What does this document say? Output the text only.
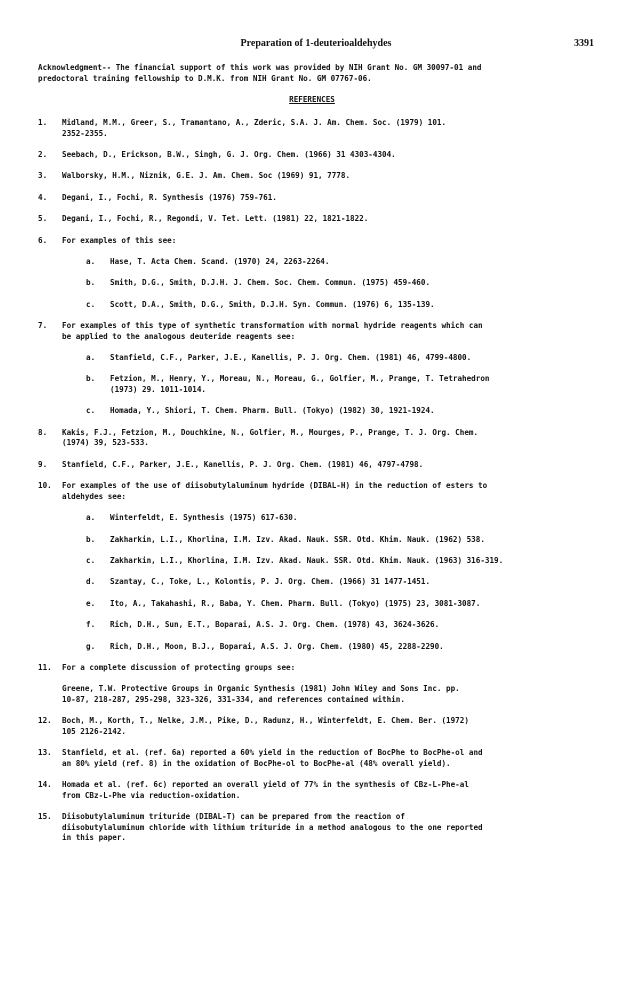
Preparation of 1-deuterioaldehydes	3391
Acknowledgment-- The financial support of this work was provided by NIH Grant No. GM 30097-01 and
predoctoral training fellowship to D.M.K. from NIH Grant No. GM 07767-06.
REFERENCES
1.	Midland, M.M., Greer, S., Tramantano, A., Zderic, S.A. J. Am. Chem. Soc. (1979) 101.
2352-2355.
2.	Seebach, D., Erickson, B.W., Singh, G. J. Org. Chem. (1966) 31 4303-4304.
3.	Walborsky, H.M., Niznik, G.E. J. Am. Chem. Soc (1969) 91, 7778.
4.	Degani, I., Fochi, R. Synthesis (1976) 759-761.
5.	Degani, I., Fochi, R., Regondi, V. Tet. Lett. (1981) 22, 1821-1822.
6.	For examples of this see:
a.	Hase, T. Acta Chem. Scand. (1970) 24, 2263-2264.
b.	Smith, D.G., Smith, D.J.H. J. Chem. Soc. Chem. Commun. (1975) 459-460.
c.	Scott, D.A., Smith, D.G., Smith, D.J.H. Syn. Commun. (1976) 6, 135-139.
7.	For examples of this type of synthetic transformation with normal hydride reagents which can
be applied to the analogous deuteride reagents see:
a.	Stanfield, C.F., Parker, J.E., Kanellis, P. J. Org. Chem. (1981) 46, 4799-4800.
b.	Fetzion, M., Henry, Y., Moreau, N., Moreau, G., Golfier, M., Prange, T. Tetrahedron
(1973) 29. 1011-1014.
c.	Homada, Y., Shiori, T. Chem. Pharm. Bull. (Tokyo) (1982) 30, 1921-1924.
8.	Kakis, F.J., Fetzion, M., Douchkine, N., Golfier, M., Mourges, P., Prange, T. J. Org. Chem.
(1974) 39, 523-533.
9.	Stanfield, C.F., Parker, J.E., Kanellis, P. J. Org. Chem. (1981) 46, 4797-4798.
10.	For examples of the use of diisobutylaluminum hydride (DIBAL-H) in the reduction of esters to
aldehydes see:
a.	Winterfeldt, E. Synthesis (1975) 617-630.
b.	Zakharkin, L.I., Khorlina, I.M. Izv. Akad. Nauk. SSR. Otd. Khim. Nauk. (1962) 538.
c.	Zakharkin, L.I., Khorlina, I.M. Izv. Akad. Nauk. SSR. Otd. Khim. Nauk. (1963) 316-319.
d.	Szantay, C., Toke, L., Kolontis, P. J. Org. Chem. (1966) 31 1477-1451.
e.	Ito, A., Takahashi, R., Baba, Y. Chem. Pharm. Bull. (Tokyo) (1975) 23, 3081-3087.
f.	Rich, D.H., Sun, E.T., Boparai, A.S. J. Org. Chem. (1978) 43, 3624-3626.
g.	Rich, D.H., Moon, B.J., Boparai, A.S. J. Org. Chem. (1980) 45, 2288-2290.
11.	For a complete discussion of protecting groups see:
Greene, T.W. Protective Groups in Organic Synthesis (1981) John Wiley and Sons Inc. pp.
10-87, 218-287, 295-298, 323-326, 331-334, and references contained within.
12.	Boch, M., Korth, T., Nelke, J.M., Pike, D., Radunz, H., Winterfeldt, E. Chem. Ber. (1972)
105 2126-2142.
13.	Stanfield, et al. (ref. 6a) reported a 60% yield in the reduction of BocPhe to BocPhe-ol and
an 80% yield (ref. 8) in the oxidation of BocPhe-ol to BocPhe-al (48% overall yield).
14.	Homada et al. (ref. 6c) reported an overall yield of 77% in the synthesis of CBz-L-Phe-al
from CBz-L-Phe via reduction-oxidation.
15.	Diisobutylaluminum trituride (DIBAL-T) can be prepared from the reaction of
diisobutylaluminum chloride with lithium trituride in a method analogous to the one reported
in this paper.
